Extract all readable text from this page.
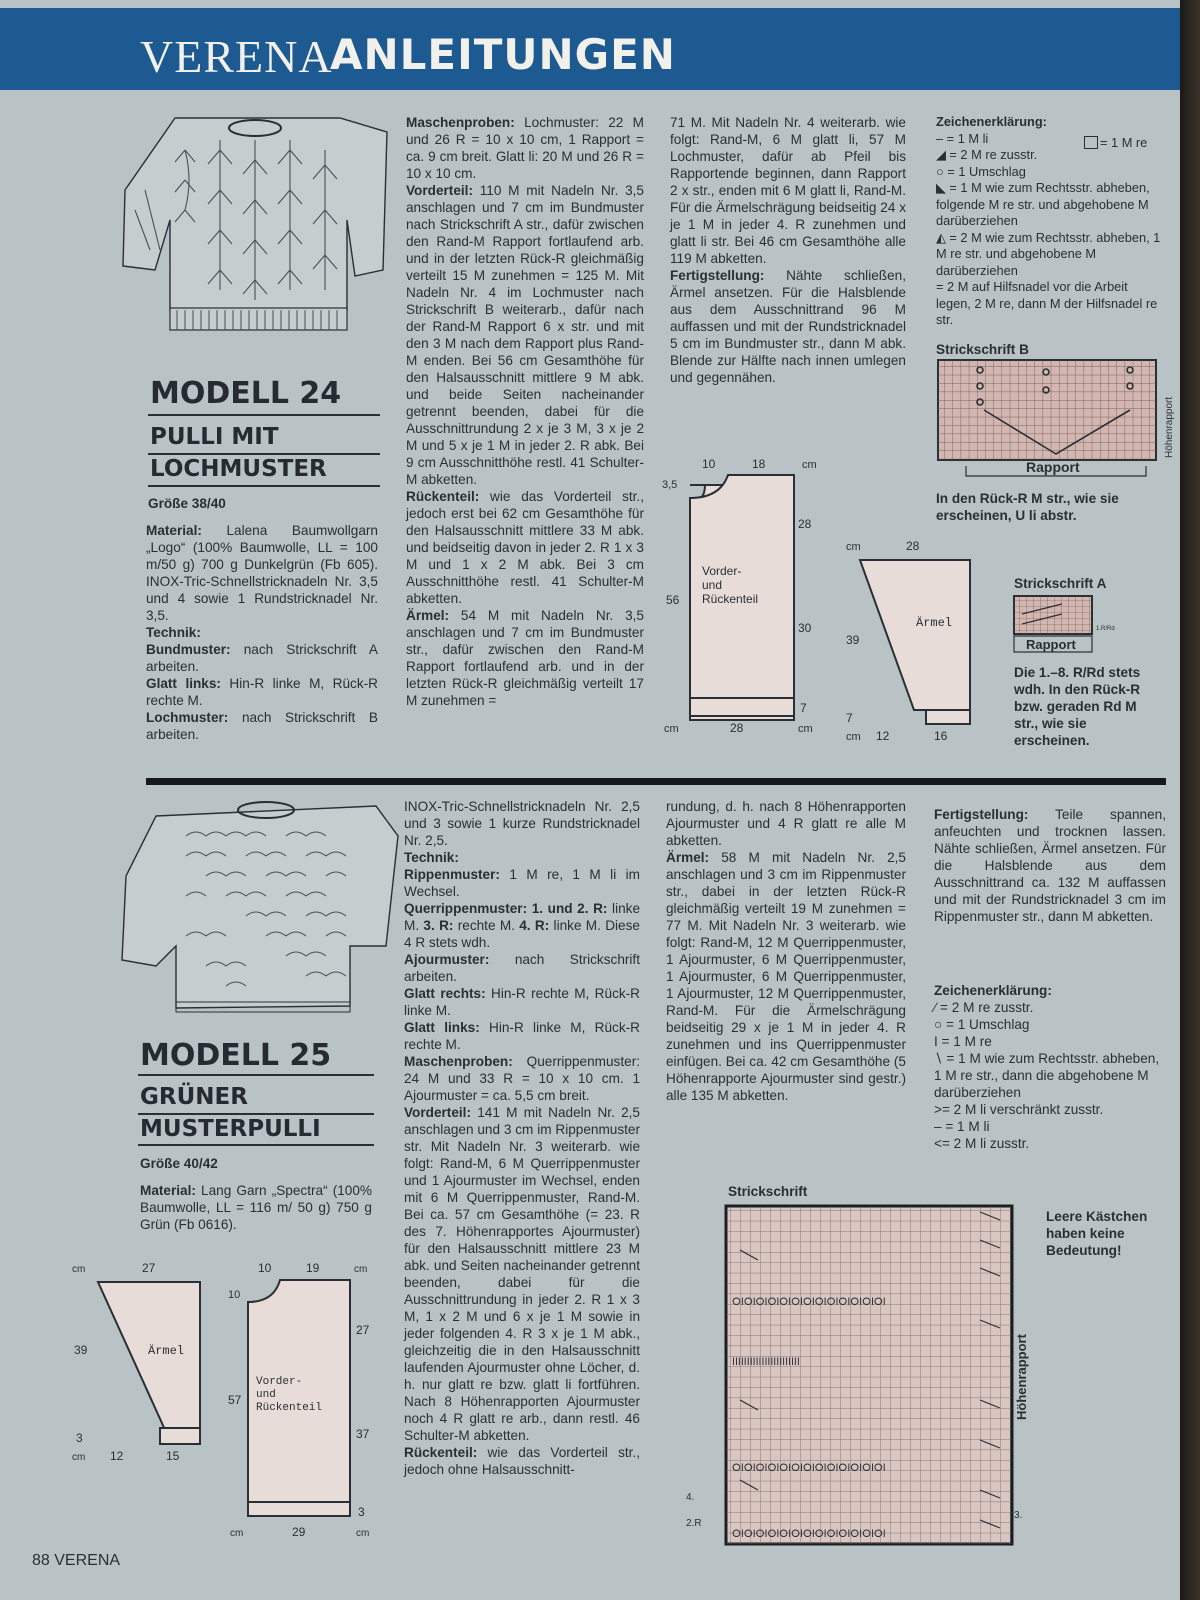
VERENA
ANLEITUNGEN
MODELL 24
PULLI MIT
LOCHMUSTER
Größe 38/40

Material: Lalena Baumwollgarn „Logo“ (100% Baumwolle, LL = 100 m/50 g) 700 g Dunkelgrün (Fb 605). INOX-Tric-Schnellstricknadeln Nr. 3,5 und 4 sowie 1 Rundstricknadel Nr. 3,5.

Technik:

Bundmuster: nach Strickschrift A arbeiten.

Glatt links: Hin-R linke M, Rück-R rechte M.

Lochmuster: nach Strickschrift B arbeiten.

Maschenproben: Lochmuster: 22 M und 26 R = 10 x 10 cm, 1 Rapport = ca. 9 cm breit. Glatt li: 20 M und 26 R = 10 x 10 cm.

Vorderteil: 110 M mit Nadeln Nr. 3,5 anschlagen und 7 cm im Bundmuster nach Strickschrift A str., dafür zwischen den Rand-M Rapport fortlaufend arb. und in der letzten Rück-R gleichmäßig verteilt 15 M zunehmen = 125 M. Mit Nadeln Nr. 4 im Lochmuster nach Strickschrift B weiterarb., dafür nach der Rand-M Rapport 6 x str. und mit den 3 M nach dem Rapport plus Rand-M enden. Bei 56 cm Gesamthöhe für den Halsausschnitt mittlere 9 M abk. und beide Seiten nacheinander getrennt beenden, dabei für die Ausschnittrundung 2 x je 3 M, 3 x je 2 M und 5 x je 1 M in jeder 2. R abk. Bei 9 cm Ausschnitthöhe restl. 41 Schulter-M abketten.

Rückenteil: wie das Vorderteil str., jedoch erst bei 62 cm Gesamthöhe für den Halsausschnitt mittlere 33 M abk. und beidseitig davon in jeder 2. R 1 x 3 M und 1 x 2 M abk. Bei 3 cm Ausschnitthöhe restl. 41 Schulter-M abketten.

Ärmel: 54 M mit Nadeln Nr. 3,5 anschlagen und 7 cm im Bundmuster str., dafür zwischen den Rand-M Rapport fortlaufend arb. und in der letzten Rück-R gleichmäßig verteilt 17 M zunehmen =

71 M. Mit Nadeln Nr. 4 weiterarb. wie folgt: Rand-M, 6 M glatt li, 57 M Lochmuster, dafür ab Pfeil bis Rapportende beginnen, dann Rapport 2 x str., enden mit 6 M glatt li, Rand-M. Für die Ärmelschrägung beidseitig 24 x je 1 M in jeder 4. R zunehmen und glatt li str. Bei 46 cm Gesamthöhe alle 119 M abketten.

Fertigstellung: Nähte schließen, Ärmel ansetzen. Für die Halsblende aus dem Ausschnittrand 96 M auffassen und mit der Rundstricknadel 5 cm im Bundmuster str., dann M abk. Blende zur Hälfte nach innen umlegen und gegennähen.

Vorder-
und
Rückenteil
10	18	cm
3,5
56
28
30
7
cm	28	cm
Ärmel
28
cm
39
7
cm 12	16

Zeichenerklärung:

– = 1 M li

◢ = 2 M re zusstr.

○ = 1 Umschlag

◣ = 1 M wie zum Rechtsstr. abheben, folgende M re str. und abgehobene M darüberziehen

◭ = 2 M wie zum Rechtsstr. abheben, 1 M re str. und abgehobene M darüberziehen

= 2 M auf Hilfsnadel vor die Arbeit legen, 2 M re, dann M der Hilfsnadel re str.

= 1 M re
Strickschrift B
Rapport
Höhenrapport
In den Rück-R M str., wie sie erscheinen, U li abstr.
Strickschrift A
Rapport
1.R/Rd
Die 1.–8. R/Rd stets wdh. In den Rück-R bzw. geraden Rd M str., wie sie erscheinen.
MODELL 25
GRÜNER
MUSTERPULLI
Größe 40/42

Material: Lang Garn „Spectra“ (100% Baumwolle, LL = 116 m/ 50 g) 750 g Grün (Fb 0616).

Ärmel
cm	27
39
3
cm 12	15
Vorder-
und
Rückenteil
10	19	cm
10
57
27
37
3
cm	29	cm

INOX-Tric-Schnellstricknadeln Nr. 2,5 und 3 sowie 1 kurze Rundstricknadel Nr. 2,5.

Technik:

Rippenmuster: 1 M re, 1 M li im Wechsel.

Querrippenmuster: 1. und 2. R: linke M. 3. R: rechte M. 4. R: linke M. Diese 4 R stets wdh.

Ajourmuster: nach Strickschrift arbeiten.

Glatt rechts: Hin-R rechte M, Rück-R linke M.

Glatt links: Hin-R linke M, Rück-R rechte M.

Maschenproben: Querrippenmuster: 24 M und 33 R = 10 x 10 cm. 1 Ajourmuster = ca. 5,5 cm breit.

Vorderteil: 141 M mit Nadeln Nr. 2,5 anschlagen und 3 cm im Rippenmuster str. Mit Nadeln Nr. 3 weiterarb. wie folgt: Rand-M, 6 M Querrippenmuster und 1 Ajourmuster im Wechsel, enden mit 6 M Querrippenmuster, Rand-M. Bei ca. 57 cm Gesamthöhe (= 23. R des 7. Höhenrapportes Ajourmuster) für den Halsausschnitt mittlere 23 M abk. und Seiten nacheinander getrennt beenden, dabei für die Ausschnittrundung in jeder 2. R 1 x 3 M, 1 x 2 M und 6 x je 1 M sowie in jeder folgenden 4. R 3 x je 1 M abk., gleichzeitig die in den Halsausschnitt laufenden Ajourmuster ohne Löcher, d. h. nur glatt re bzw. glatt li fortführen. Nach 8 Höhenrapporten Ajourmuster noch 4 R glatt re arb., dann restl. 46 Schulter-M abketten.

Rückenteil: wie das Vorderteil str., jedoch ohne Halsausschnitt-

rundung, d. h. nach 8 Höhenrapporten Ajourmuster und 4 R glatt re alle M abketten.

Ärmel: 58 M mit Nadeln Nr. 2,5 anschlagen und 3 cm im Rippenmuster str., dabei in der letzten Rück-R gleichmäßig verteilt 19 M zunehmen = 77 M. Mit Nadeln Nr. 3 weiterarb. wie folgt: Rand-M, 12 M Querrippenmuster, 1 Ajourmuster, 6 M Querrippenmuster, 1 Ajourmuster, 6 M Querrippenmuster, 1 Ajourmuster, 12 M Querrippenmuster, Rand-M. Für die Ärmelschrägung beidseitig 29 x je 1 M in jeder 4. R zunehmen und ins Querrippenmuster einfügen. Bei ca. 42 cm Gesamthöhe (5 Höhenrapporte Ajourmuster sind gestr.) alle 135 M abketten.

Fertigstellung: Teile spannen, anfeuchten und trocknen lassen. Nähte schließen, Ärmel ansetzen. Für die Halsblende aus dem Ausschnittrand ca. 132 M auffassen und mit der Rundstricknadel 3 cm im Rippenmuster str., dann M abketten.

Zeichenerklärung:

∕ = 2 M re zusstr.

○ = 1 Umschlag

I = 1 M re

∖ = 1 M wie zum Rechtsstr. abheben, 1 M re str., dann die abgehobene M darüberziehen

>= 2 M li verschränkt zusstr.

– = 1 M li

<= 2 M li zusstr.

Strickschrift
ⵔⵏⵔⵏⵔⵏⵔⵏⵔⵏⵔⵏⵔⵏⵔⵏⵔⵏⵔⵏⵔⵏⵔⵏⵔⵏ
ⵏⵏⵏⵏⵏⵏⵏⵏⵏⵏⵏⵏⵏⵏⵏⵏⵏⵏⵏⵏⵏⵏⵏ
ⵔⵏⵔⵏⵔⵏⵔⵏⵔⵏⵔⵏⵔⵏⵔⵏⵔⵏⵔⵏⵔⵏⵔⵏⵔⵏ
ⵔⵏⵔⵏⵔⵏⵔⵏⵔⵏⵔⵏⵔⵏⵔⵏⵔⵏⵔⵏⵔⵏⵔⵏⵔⵏ
Höhenrapport
4.
2.R
3.
Leere Kästchen haben keine Bedeutung!
88 VERENA
